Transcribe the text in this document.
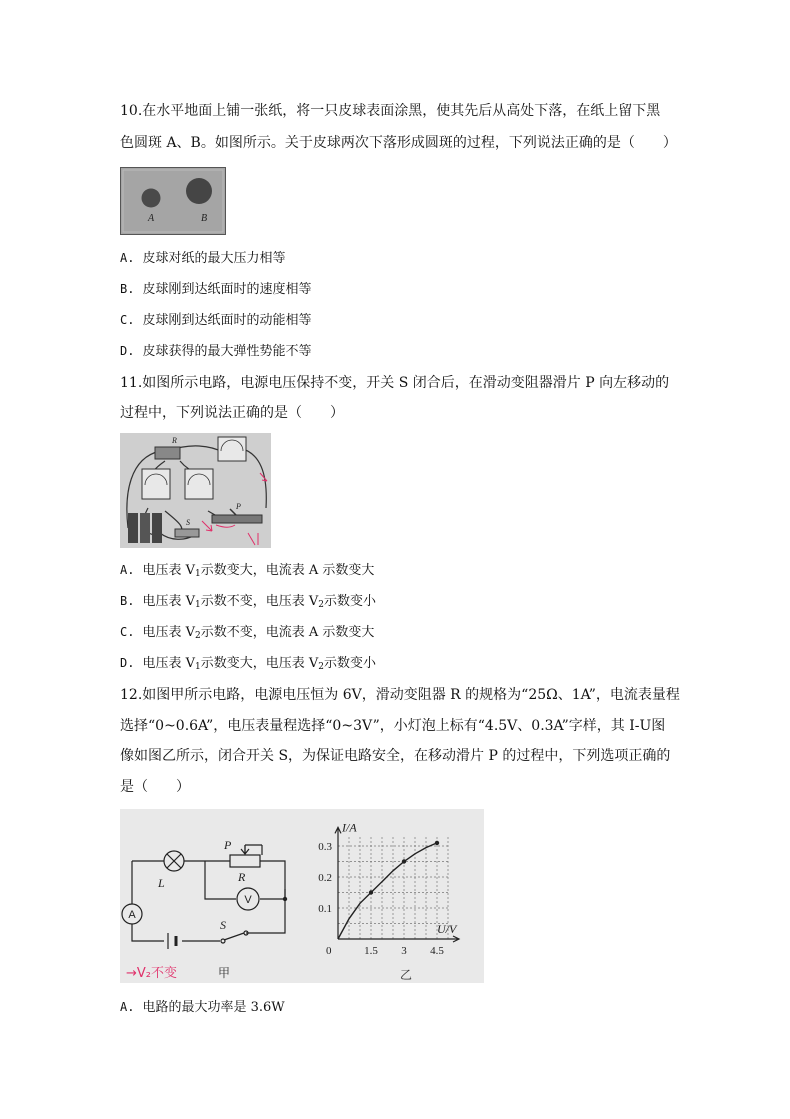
10.在水平地面上铺一张纸，将一只皮球表面涂黑，使其先后从高处下落，在纸上留下黑
色圆斑 A、B。如图所示。关于皮球两次下落形成圆斑的过程，下列说法正确的是（　　）
A	B
A. 皮球对纸的最大压力相等
B. 皮球刚到达纸面时的速度相等
C. 皮球刚到达纸面时的动能相等
D. 皮球获得的最大弹性势能不等
11.如图所示电路，电源电压保持不变，开关 S 闭合后，在滑动变阻器滑片 P 向左移动的
过程中，下列说法正确的是（　　）
R
S
P
A. 电压表 $V_1$示数变大，电流表 A 示数变大
B. 电压表 $V_1$示数不变，电压表 $V_2$示数变小
C. 电压表 $V_2$示数不变，电流表 A 示数变大
D. 电压表 $V_1$示数变大，电压表 $V_2$示数变小
12.如图甲所示电路，电源电压恒为 6V，滑动变阻器 R 的规格为“25Ω、1A”，电流表量程
选择“0~0.6A”，电压表量程选择“0~3V”，小灯泡上标有“4.5V、0.3A”字样，其 I-U图
像如图乙所示，闭合开关 S，为保证电路安全，在移动滑片 P 的过程中，下列选项正确的
是（　　）
L
P
R
V
A
S
→V₂不变	甲
1.5 3 4.5
0.1
0.2
0.3
0
I/A
U/V
乙
A. 电路的最大功率是 3.6W
